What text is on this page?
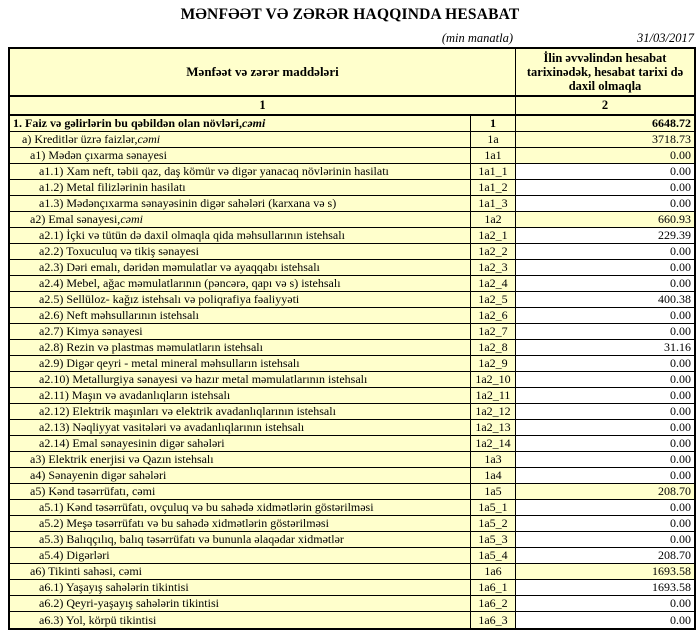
MƏNFƏƏT VƏ ZƏRƏR HAQQINDA HESABAT
(min manatla)	31/03/2017
Mənfəət və zərər maddələri
İlin əvvəlindən hesabat tarixinədək, hesabat tarixi də daxil olmaqla
1	2
1. Faiz və gəlirlərin bu qəbildən olan növləri, cəmi	1	6648.72
a) Kreditlər üzrə faizlər, cəmi	1a	3718.73
a1) Mədən çıxarma sənayesi	1a1	0.00
a1.1) Xam neft, təbii qaz, daş kömür və digər yanacaq növlərinin hasilatı	1a1_1	0.00
a1.2) Metal filizlərinin hasilatı	1a1_2	0.00
a1.3) Mədənçıxarma sənayəsinin digər sahələri (karxana və s)	1a1_3	0.00
a2) Emal sənayesi, cəmi	1a2	660.93
a2.1) İçki və tütün də daxil olmaqla qida məhsullarının istehsalı	1a2_1	229.39
a2.2) Toxuculuq və tikiş sənayesi	1a2_2	0.00
a2.3) Dəri emalı, dəridən məmulatlar və ayaqqabı istehsalı	1a2_3	0.00
a2.4) Mebel, ağac məmulatlarının (pəncərə, qapı və s) istehsalı	1a2_4	0.00
a2.5) Sellüloz- kağız istehsalı və poliqrafiya fəaliyyəti	1a2_5	400.38
a2.6) Neft məhsullarının istehsalı	1a2_6	0.00
a2.7) Kimya sənayesi	1a2_7	0.00
a2.8) Rezin və plastmas məmulatların istehsalı	1a2_8	31.16
a2.9) Digər qeyri - metal mineral məhsulların istehsalı	1a2_9	0.00
a2.10) Metallurgiya sənayesi və hazır metal məmulatlarının istehsalı	1a2_10	0.00
a2.11) Maşın və avadanlıqların istehsalı	1a2_11	0.00
a2.12) Elektrik maşınları və elektrik avadanlıqlarının istehsalı	1a2_12	0.00
a2.13) Nəqliyyat vasitələri və avadanlıqlarının istehsalı	1a2_13	0.00
a2.14) Emal sənayesinin digər sahələri	1a2_14	0.00
a3) Elektrik enerjisi və Qazın istehsalı	1a3	0.00
a4) Sənayenin digər sahələri	1a4	0.00
a5) Kənd təsərrüfatı, cəmi	1a5	208.70
a5.1) Kənd təsərrüfatı, ovçuluq və bu sahədə xidmətlərin göstərilməsi	1a5_1	0.00
a5.2) Meşə təsərrüfatı və bu sahədə xidmətlərin göstərilməsi	1a5_2	0.00
a5.3) Balıqçılıq, balıq təsərrüfatı və bununla əlaqədar xidmətlər	1a5_3	0.00
a5.4) Digərləri	1a5_4	208.70
a6) Tikinti sahəsi, cəmi	1a6	1693.58
a6.1) Yaşayış sahələrin tikintisi	1a6_1	1693.58
a6.2) Qeyri-yaşayış sahələrin tikintisi	1a6_2	0.00
a6.3) Yol, körpü tikintisi	1a6_3	0.00
